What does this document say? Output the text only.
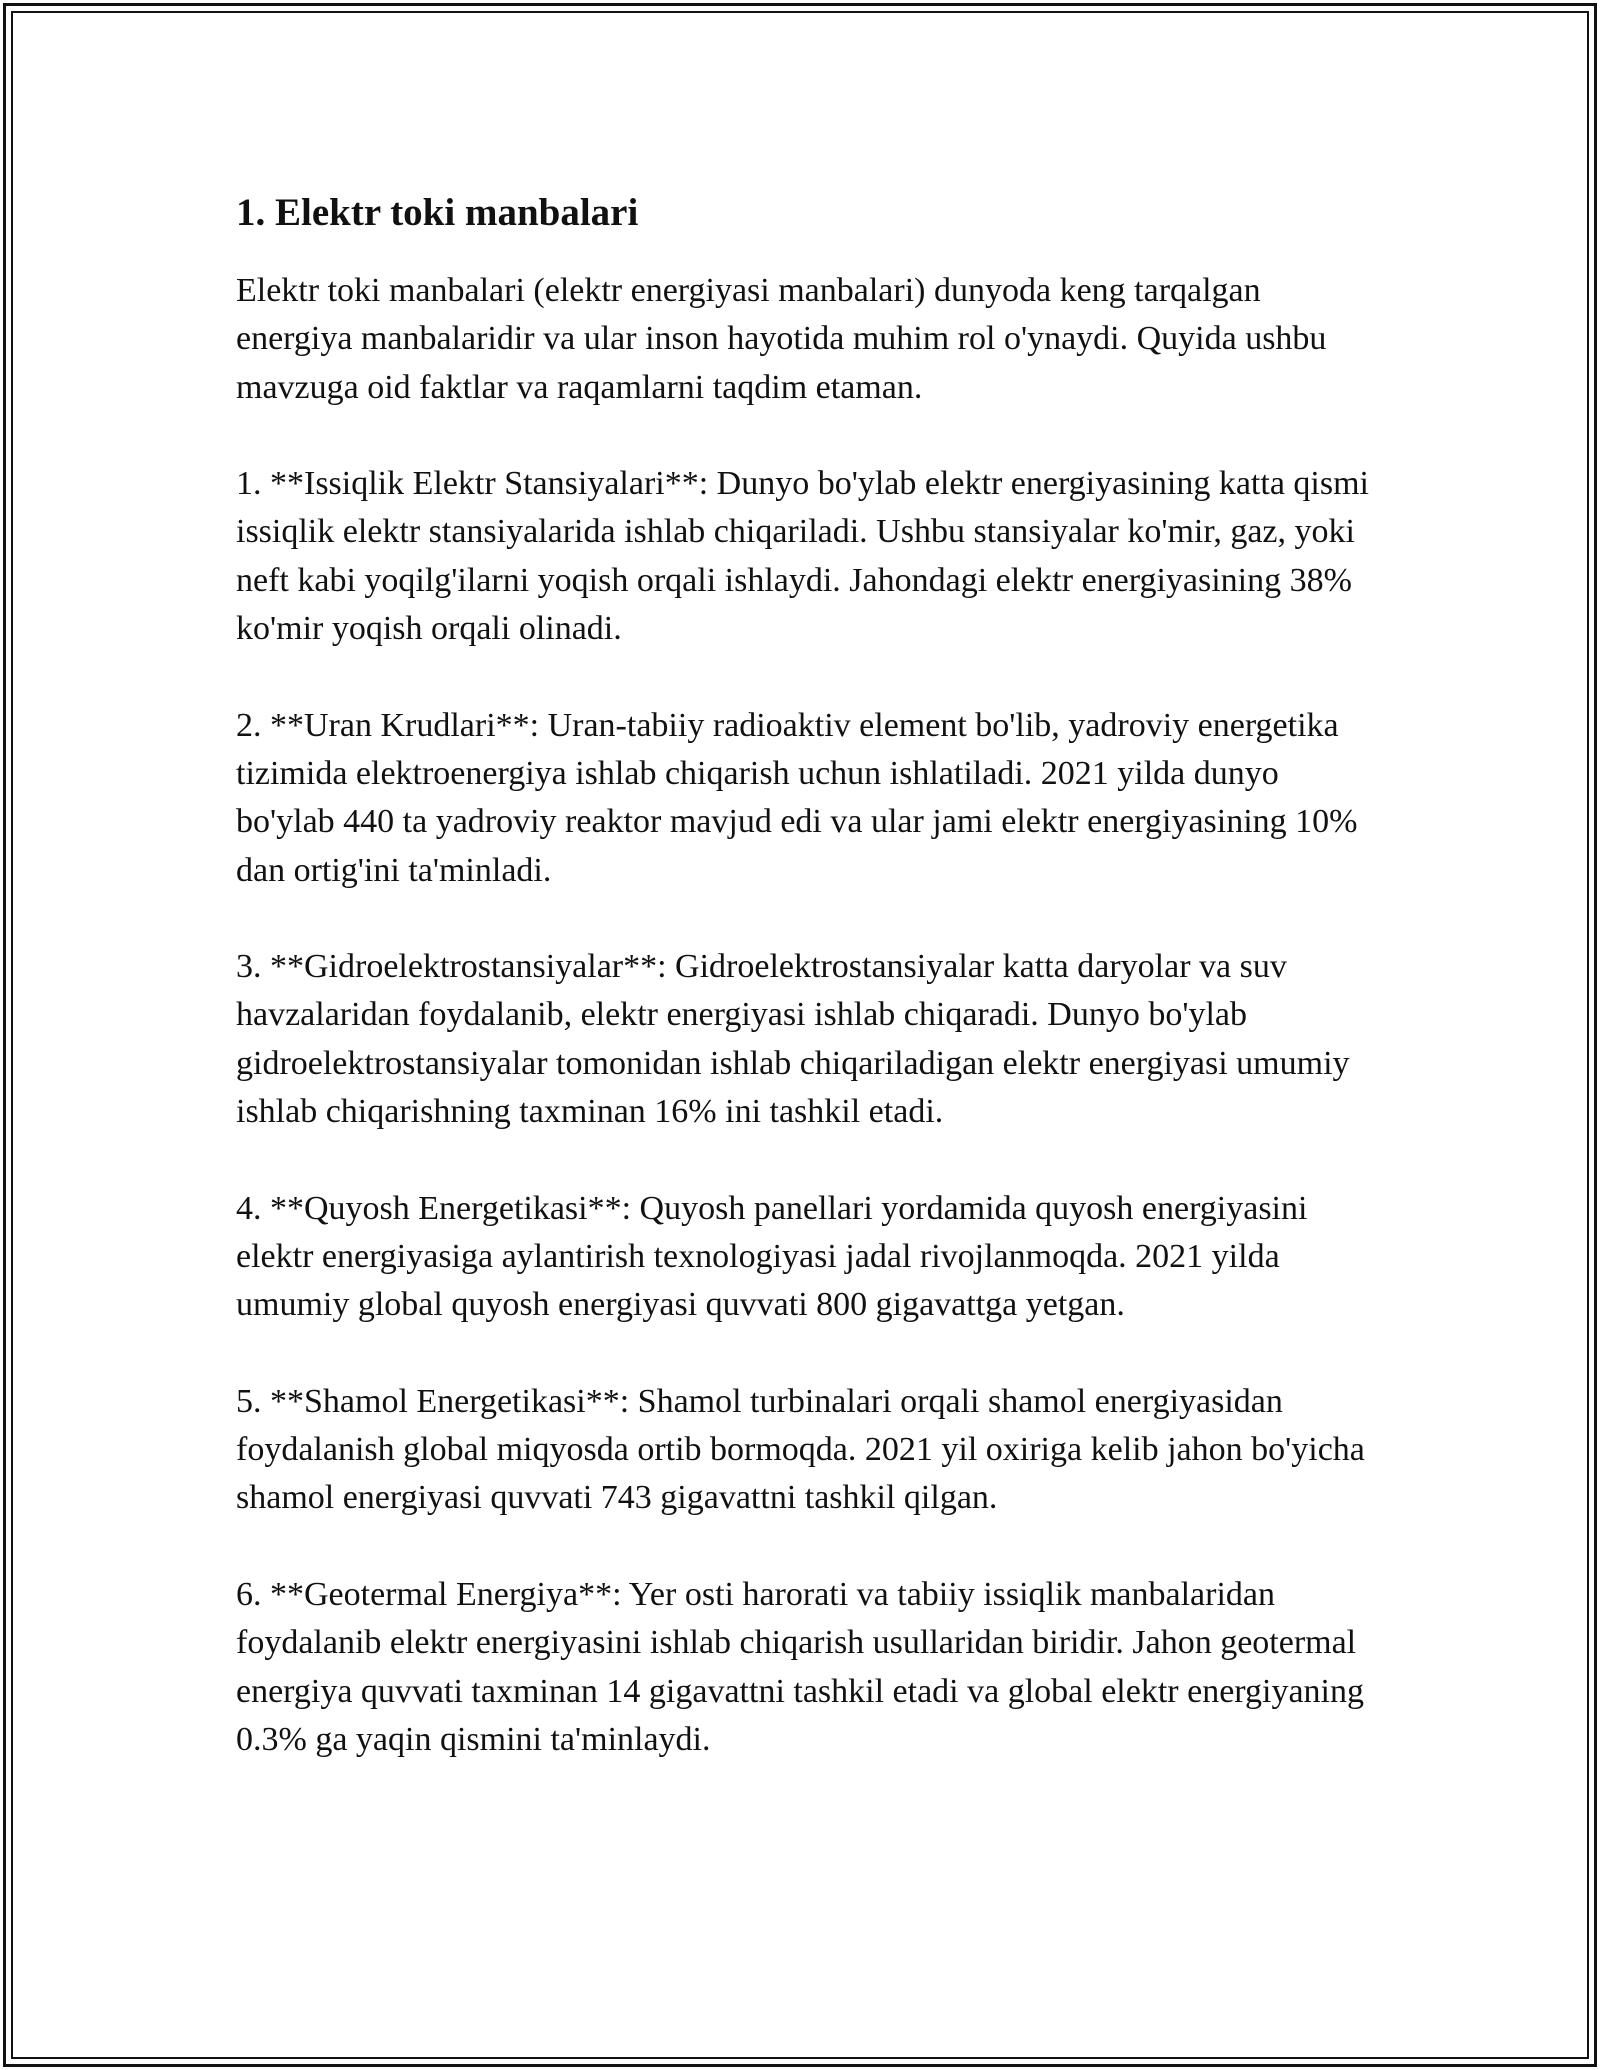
1. Elektr toki manbalari

Elektr toki manbalari (elektr energiyasi manbalari) dunyoda keng tarqalgan energiya manbalaridir va ular inson hayotida muhim rol o'ynaydi. Quyida ushbu mavzuga oid faktlar va raqamlarni taqdim etaman.

1. **Issiqlik Elektr Stansiyalari**: Dunyo bo'ylab elektr energiyasining katta qismi issiqlik elektr stansiyalarida ishlab chiqariladi. Ushbu stansiyalar ko'mir, gaz, yoki neft kabi yoqilg'ilarni yoqish orqali ishlaydi. Jahondagi elektr energiyasining 38% ko'mir yoqish orqali olinadi.

2. **Uran Krudlari**: Uran-tabiiy radioaktiv element bo'lib, yadroviy energetika tizimida elektroenergiya ishlab chiqarish uchun ishlatiladi. 2021 yilda dunyo bo'ylab 440 ta yadroviy reaktor mavjud edi va ular jami elektr energiyasining 10% dan ortig'ini ta'minladi.

3. **Gidroelektrostansiyalar**: Gidroelektrostansiyalar katta daryolar va suv havzalaridan foydalanib, elektr energiyasi ishlab chiqaradi. Dunyo bo'ylab gidroelektrostansiyalar tomonidan ishlab chiqariladigan elektr energiyasi umumiy ishlab chiqarishning taxminan 16% ini tashkil etadi.

4. **Quyosh Energetikasi**: Quyosh panellari yordamida quyosh energiyasini elektr energiyasiga aylantirish texnologiyasi jadal rivojlanmoqda. 2021 yilda umumiy global quyosh energiyasi quvvati 800 gigavattga yetgan.

5. **Shamol Energetikasi**: Shamol turbinalari orqali shamol energiyasidan foydalanish global miqyosda ortib bormoqda. 2021 yil oxiriga kelib jahon bo'yicha shamol energiyasi quvvati 743 gigavattni tashkil qilgan.

6. **Geotermal Energiya**: Yer osti harorati va tabiiy issiqlik manbalaridan foydalanib elektr energiyasini ishlab chiqarish usullaridan biridir. Jahon geotermal energiya quvvati taxminan 14 gigavattni tashkil etadi va global elektr energiyaning 0.3% ga yaqin qismini ta'minlaydi.
